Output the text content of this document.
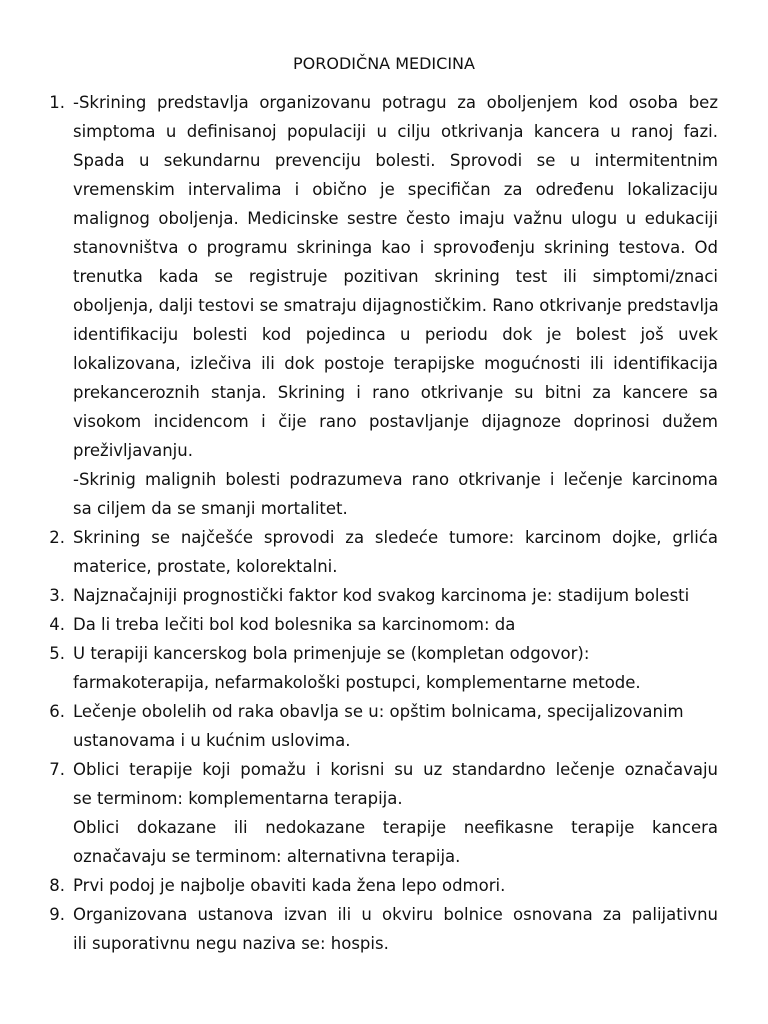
PORODIČNA MEDICINA
1. -Skrining predstavlja organizovanu potragu za oboljenjem kod osoba bez
simptoma u definisanoj populaciji u cilju otkrivanja kancera u ranoj fazi.
Spada u sekundarnu prevenciju bolesti. Sprovodi se u intermitentnim
vremenskim intervalima i obično je specifičan za određenu lokalizaciju
malignog oboljenja. Medicinske sestre često imaju važnu ulogu u edukaciji
stanovništva o programu skrininga kao i sprovođenju skrining testova. Od
trenutka kada se registruje pozitivan skrining test ili simptomi/znaci
oboljenja, dalji testovi se smatraju dijagnostičkim. Rano otkrivanje predstavlja
identifikaciju bolesti kod pojedinca u periodu dok je bolest još uvek
lokalizovana, izlečiva ili dok postoje terapijske mogućnosti ili identifikacija
prekanceroznih stanja. Skrining i rano otkrivanje su bitni za kancere sa
visokom incidencom i čije rano postavljanje dijagnoze doprinosi dužem
preživljavanju.
-Skrinig malignih bolesti podrazumeva rano otkrivanje i lečenje karcinoma
sa ciljem da se smanji mortalitet.
2. Skrining se najčešće sprovodi za sledeće tumore: karcinom dojke, grlića
materice, prostate, kolorektalni.
3. Najznačajniji prognostički faktor kod svakog karcinoma je: stadijum bolesti
4. Da li treba lečiti bol kod bolesnika sa karcinomom: da
5. U terapiji kancerskog bola primenjuje se (kompletan odgovor):
farmakoterapija, nefarmakološki postupci, komplementarne metode.
6. Lečenje obolelih od raka obavlja se u: opštim bolnicama, specijalizovanim
ustanovama i u kućnim uslovima.
7. Oblici terapije koji pomažu i korisni su uz standardno lečenje označavaju
se terminom: komplementarna terapija.
Oblici dokazane ili nedokazane terapije neefikasne terapije kancera
označavaju se terminom: alternativna terapija.
8. Prvi podoj je najbolje obaviti kada žena lepo odmori.
9. Organizovana ustanova izvan ili u okviru bolnice osnovana za palijativnu
ili suporativnu negu naziva se: hospis.
